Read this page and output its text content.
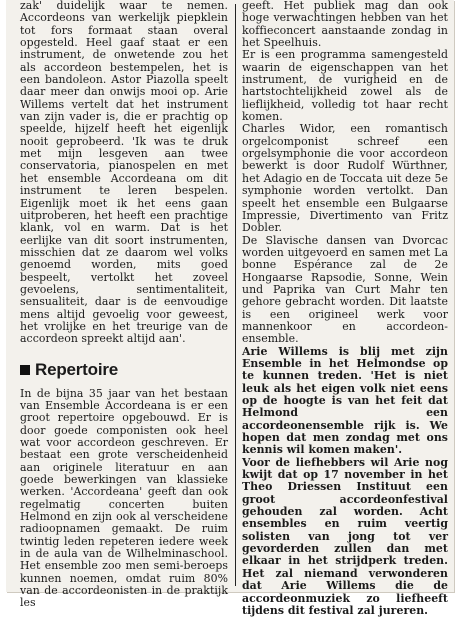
zak' duidelijk waar te nemen. Accordeons van werkelijk piepklein tot fors formaat staan overal opgesteld. Heel gaaf staat er een instrument, de onwetende zou het als accordeon bestempelen, het is een bandoleon. Astor Piazolla speelt daar meer dan onwijs mooi op. Arie Willems vertelt dat het instrument van zijn vader is, die er prachtig op speelde, hijzelf heeft het eigenlijk nooit geprobeerd. 'Ik was te druk met mijn lesgeven aan twee conservatoria, pianospelen en met het ensemble Accordeana om dit instrument te leren bespelen. Eigenlijk moet ik het eens gaan uitproberen, het heeft een prachtige klank, vol en warm. Dat is het eerlijke van dit soort instrumenten, misschien dat ze daarom wel volks genoemd worden, mits goed bespeelt, vertolkt het zoveel gevoelens, sentimentaliteit, sensualiteit, daar is de eenvoudige mens altijd gevoelig voor geweest, het vrolijke en het treurige van de accordeon spreekt altijd aan'.

Repertoire

In de bijna 35 jaar van het bestaan van Ensemble Accordeana is er een groot repertoire opgebouwd. Er is door goede componisten ook heel wat voor accordeon geschreven. Er bestaat een grote verscheidenheid aan originele literatuur en aan goede bewerkingen van klassieke werken. 'Accordeana' geeft dan ook regelmatig concerten buiten Helmond en zijn ook al verscheidene radioopnamen gemaakt. De ruim twintig leden repeteren iedere week in de aula van de Wilhelminaschool. Het ensemble zoo men semi-beroeps kunnen noemen, omdat ruim 80% van de accordeonisten in de praktijk les

geeft. Het publiek mag dan ook hoge verwachtingen hebben van het koffieconcert aanstaande zondag in het Speelhuis.

Er is een programma samengesteld waarin de eigenschappen van het instrument, de vurigheid en de hartstochtelijkheid zowel als de lieflijkheid, volledig tot haar recht komen.

Charles Widor, een romantisch orgelcomponist schreef een orgelsymphonie die voor accordeon bewerkt is door Rudolf Würthner, het Adagio en de Toccata uit deze 5e symphonie worden vertolkt. Dan speelt het ensemble een Bulgaarse Impressie, Divertimento van Fritz Dobler.

De Slavische dansen van Dvorcac worden uitgevoerd en samen met La bonne Espérance zal de 2e Hongaarse Rapsodie, Sonne, Wein und Paprika van Curt Mahr ten gehore gebracht worden. Dit laatste is een origineel werk voor mannenkoor en accordeon-ensemble.

Arie Willems is blij met zijn Ensemble in het Helmondse op te kunnen treden. 'Het is niet leuk als het eigen volk niet eens op de hoogte is van het feit dat Helmond een accordeonensemble rijk is. We hopen dat men zondag met ons kennis wil komen maken'.

Voor de liefhebbers wil Arie nog kwijt dat op 17 november in het Theo Driessen Instituut een groot accordeonfestival gehouden zal worden. Acht ensembles en ruim veertig solisten van jong tot ver gevorderden zullen dan met elkaar in het strijdperk treden. Het zal niemand verwonderen dat Arie Willems die de accordeonmuziek zo liefheeft tijdens dit festival zal jureren.
